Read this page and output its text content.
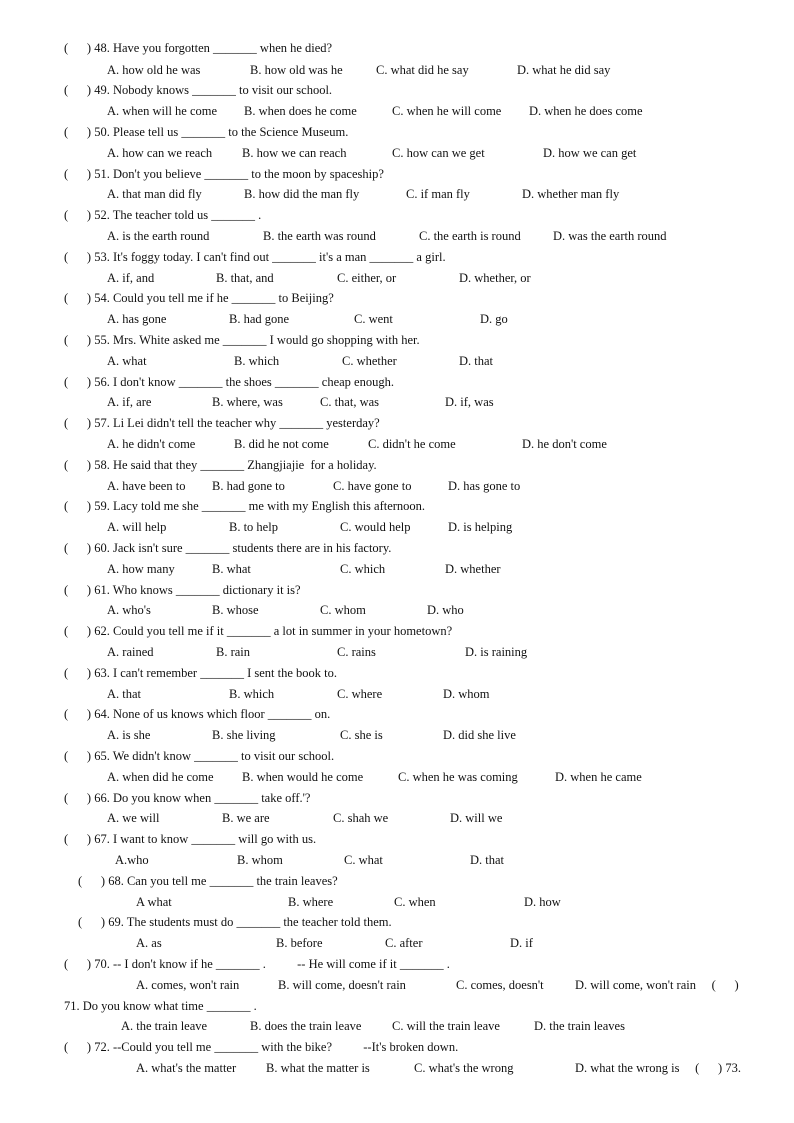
(      ) 48. Have you forgotten _______ when he died?
(      ) 49. Nobody knows _______ to visit our school.
(      ) 50. Please tell us _______ to the Science Museum.
(      ) 51. Don't you believe _______ to the moon by spaceship?
(      ) 52. The teacher told us _______ .
(      ) 53. It's foggy today. I can't find out _______ it's a man _______ a girl.
(      ) 54. Could you tell me if he _______ to Beijing?
(      ) 55. Mrs. White asked me _______ I would go shopping with her.
(      ) 56. I don't know _______ the shoes _______ cheap enough.
(      ) 57. Li Lei didn't tell the teacher why _______ yesterday?
(      ) 58. He said that they _______ Zhangjiajie  for a holiday.
(      ) 59. Lacy told me she _______ me with my English this afternoon.
(      ) 60. Jack isn't sure _______ students there are in his factory.
(      ) 61. Who knows _______ dictionary it is?
(      ) 62. Could you tell me if it _______ a lot in summer in your hometown?
(      ) 63. I can't remember _______ I sent the book to.
(      ) 64. None of us knows which floor _______ on.
(      ) 65. We didn't know _______ to visit our school.
(      ) 66. Do you know when _______ take off.'?
(      ) 67. I want to know _______ will go with us.
(      ) 68. Can you tell me _______ the train leaves?
(      ) 69. The students must do _______ the teacher told them.
(      ) 70. -- I don't know if he _______ .          -- He will come if it _______ .
71. Do you know what time _______ .
(      ) 72. --Could you tell me _______ with the bike?          --It's broken down.
A. how old he was	B. how old was he	C. what did he say	D. what he did say
A. when will he come B. when does he come	C. when he will come D. when he does come
A. how can we reach B. how we can reach	C. how can we get	D. how we can get
A. that man did fly	B. how did the man fly	C. if man fly	D. whether man fly
A. is the earth round	B. the earth was round	C. the earth is round	D. was the earth round
A. if, and	B. that, and	C. either, or	D. whether, or
A. has gone	B. had gone	C. went	D. go
A. what	B. which	C. whether	D. that
A. if, are	B. where, was	C. that, was	D. if, was
A. he didn't come	B. did he not come	C. didn't he come	D. he don't come
A. have been to B. had gone to	C. have gone to	D. has gone to
A. will help	B. to help	C. would help	D. is helping
A. how many	B. what	C. which	D. whether
A. who's	B. whose	C. whom	D. who
A. rained	B. rain	C. rains	D. is raining
A. that	B. which	C. where	D. whom
A. is she	B. she living	C. she is	D. did she live
A. when did he come B. when would he come	C. when he was coming	D. when he came
A. we will	B. we are	C. shah we	D. will we
A.who	B. whom	C. what	D. that
A what	B. where	C. when	D. how
A. as	B. before	C. after	D. if
A. comes, won't rain	B. will come, doesn't rain	C. comes, doesn't	D. will come, won't rain     (      )
A. the train leave	B. does the train leave C. will the train leave	D. the train leaves
A. what's the matter B. what the matter is	C. what's the wrong	D. what the wrong is     (      ) 73.
